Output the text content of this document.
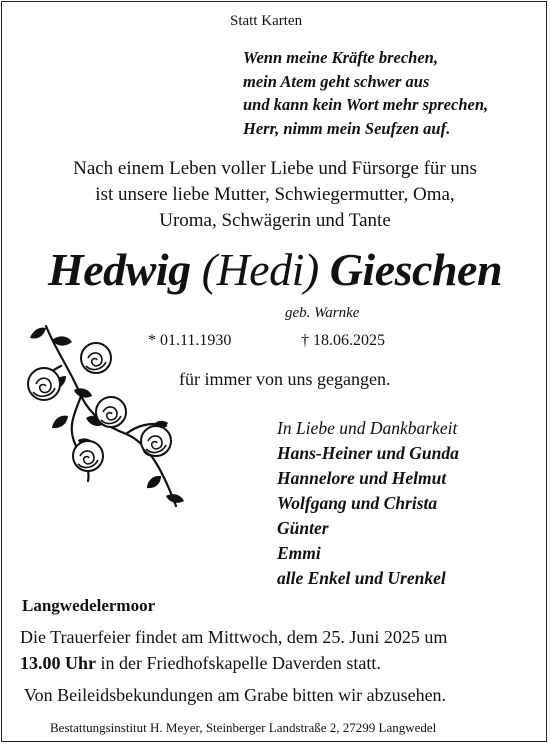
Statt Karten
Wenn meine Kräfte brechen,
mein Atem geht schwer aus
und kann kein Wort mehr sprechen,
Herr, nimm mein Seufzen auf.
Nach einem Leben voller Liebe und Fürsorge für uns
ist unsere liebe Mutter, Schwiegermutter, Oma,
Uroma, Schwägerin und Tante
Hedwig (Hedi) Gieschen
geb. Warnke
* 01.11.1930	† 18.06.2025
für immer von uns gegangen.
In Liebe und Dankbarkeit
Hans-Heiner und Gunda
Hannelore und Helmut
Wolfgang und Christa
Günter
Emmi
alle Enkel und Urenkel
Langwedelermoor
Die Trauerfeier findet am Mittwoch, dem 25. Juni 2025 um
13.00 Uhr in der Friedhofskapelle Daverden statt.
Von Beileidsbekundungen am Grabe bitten wir abzusehen.
Bestattungsinstitut H. Meyer, Steinberger Landstraße 2, 27299 Langwedel
